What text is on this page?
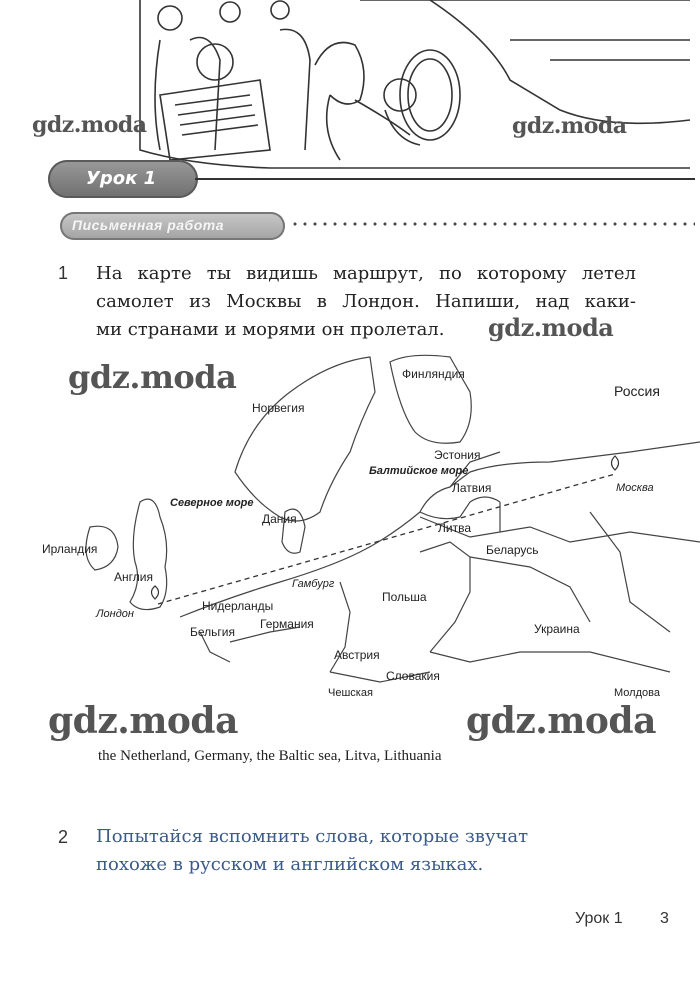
Урок 1
Письменная работа
1 На карте ты видишь маршрут, по которому летел
самолет из Москвы в Лондон. Напиши, над каки-
ми странами и морями он пролетал.
Финляндия
Россия
Норвегия
Эстония
Балтийское море
Латвия	Москва
Северное море
Дания
Литва
Беларусь
Ирландия
Англия	Гамбург
Польша
Лондон
Нидерланды
Бельгия
Германия	Украина
Австрия
Словакия
Чешская	Молдова
gdz.moda	gdz.moda
gdz.moda
gdz.moda
gdz.moda	gdz.moda
the Netherland, Germany, the Baltic sea, Litva, Lithuania
2 Попытайся вспомнить слова, которые звучат
похоже в русском и английском языках.
Урок 1 3
